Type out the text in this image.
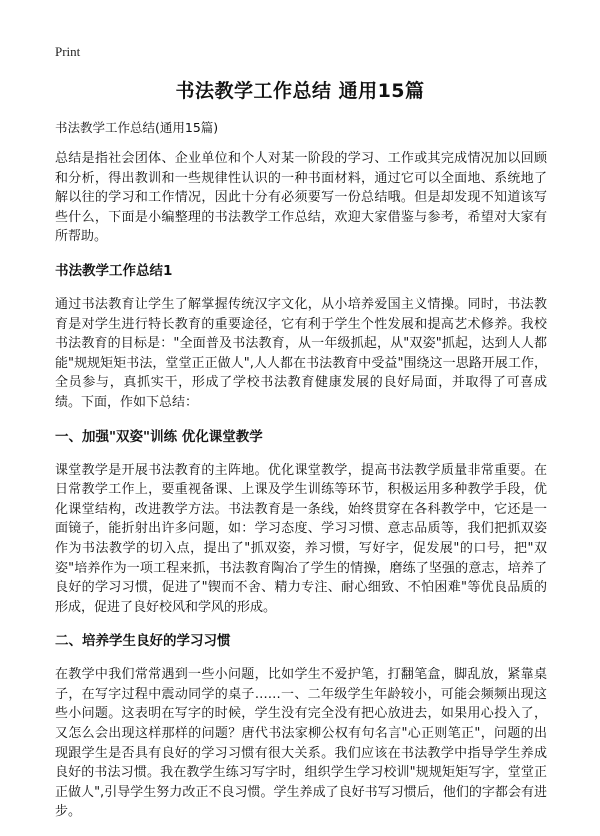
Print
书法教学工作总结 通用15篇
书法教学工作总结(通用15篇)

总结是指社会团体、企业单位和个人对某一阶段的学习、工作或其完成情况加以回顾和分析，得出教训和一些规律性认识的一种书面材料，通过它可以全面地、系统地了解以往的学习和工作情况，因此十分有必须要写一份总结哦。但是却发现不知道该写些什么，下面是小编整理的书法教学工作总结，欢迎大家借鉴与参考，希望对大家有所帮助。

书法教学工作总结1

通过书法教育让学生了解掌握传统汉字文化，从小培养爱国主义情操。同时，书法教育是对学生进行特长教育的重要途径，它有利于学生个性发展和提高艺术修养。我校书法教育的目标是："全面普及书法教育，从一年级抓起，从"双姿"抓起，达到人人都能"规规矩矩书法，堂堂正正做人",人人都在书法教育中受益"围绕这一思路开展工作，全员参与，真抓实干，形成了学校书法教育健康发展的良好局面，并取得了可喜成绩。下面，作如下总结：

一、加强"双姿"训练 优化课堂教学

课堂教学是开展书法教育的主阵地。优化课堂教学，提高书法教学质量非常重要。在日常教学工作上，要重视备课、上课及学生训练等环节，积极运用多种教学手段，优化课堂结构，改进教学方法。书法教育是一条线，始终贯穿在各科教学中，它还是一面镜子，能折射出许多问题，如：学习态度、学习习惯、意志品质等，我们把抓双姿作为书法教学的切入点，提出了"抓双姿，养习惯，写好字，促发展"的口号，把"双姿"培养作为一项工程来抓，书法教育陶冶了学生的情操，磨练了坚强的意志，培养了良好的学习习惯，促进了"锲而不舍、精力专注、耐心细致、不怕困难"等优良品质的形成，促进了良好校风和学风的形成。

二、培养学生良好的学习习惯

在教学中我们常常遇到一些小问题，比如学生不爱护笔，打翻笔盒，脚乱放，紧靠桌子，在写字过程中震动同学的桌子……一、二年级学生年龄较小，可能会频频出现这些小问题。这表明在写字的时候，学生没有完全没有把心放进去，如果用心投入了，又怎么会出现这样那样的问题？唐代书法家柳公权有句名言"心正则笔正"，问题的出现跟学生是否具有良好的学习习惯有很大关系。我们应该在书法教学中指导学生养成良好的书法习惯。我在教学生练习写字时，组织学生学习校训"规规矩矩写字，堂堂正正做人",引导学生努力改正不良习惯。学生养成了良好书写习惯后，他们的字都会有进步。
